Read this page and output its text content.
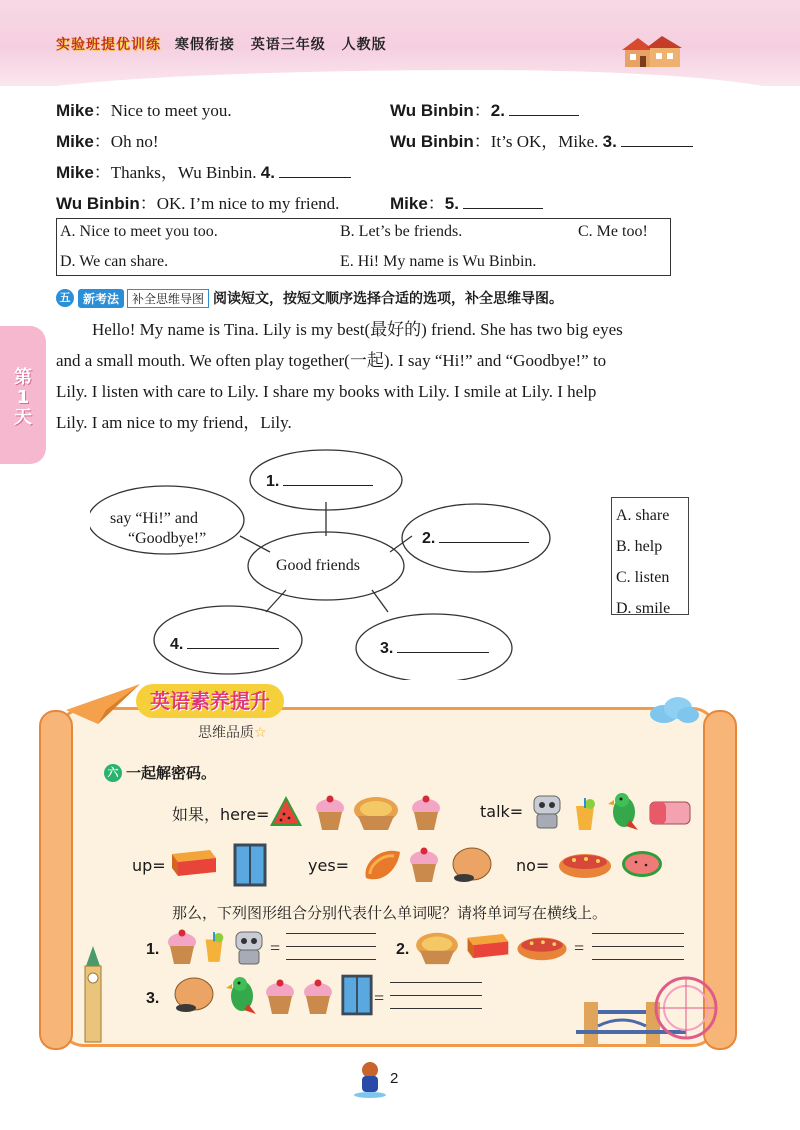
实验班提优训练 寒假衔接 英语三年级 人教版
Mike：Nice to meet you.	Wu Binbin：2.
Mike：Oh no!	Wu Binbin：It’s OK，Mike. 3.
Mike：Thanks，Wu Binbin. 4.
Wu Binbin：OK. I’m nice to my friend.	Mike：5.
A. Nice to meet you too.	B. Let’s be friends.	C. Me too!
D. We can share.	E. Hi! My name is Wu Binbin.
五	新考法	补全思维导图 阅读短文，按短文顺序选择合适的选项，补全思维导图。

Hello! My name is Tina. Lily is my best(最好的) friend. She has two big eyes

and a small mouth. We often play together(一起). I say “Hi!” and “Goodbye!” to

Lily. I listen with care to Lily. I share my books with Lily. I smile at Lily. I help

Lily. I am nice to my friend，Lily.

第1天
1.
say “Hi!” and
“Goodbye!”
Good friends
2.
4.	3.
A. share
B. help
C. listen
D. smile
英语素养提升
思维品质☆
六 一起解密码。
如果，here=	talk=
up=	yes=	no=
那么，下列图形组合分别代表什么单词呢？请将单词写在横线上。
1.	=	2.	=
3.	=
2
